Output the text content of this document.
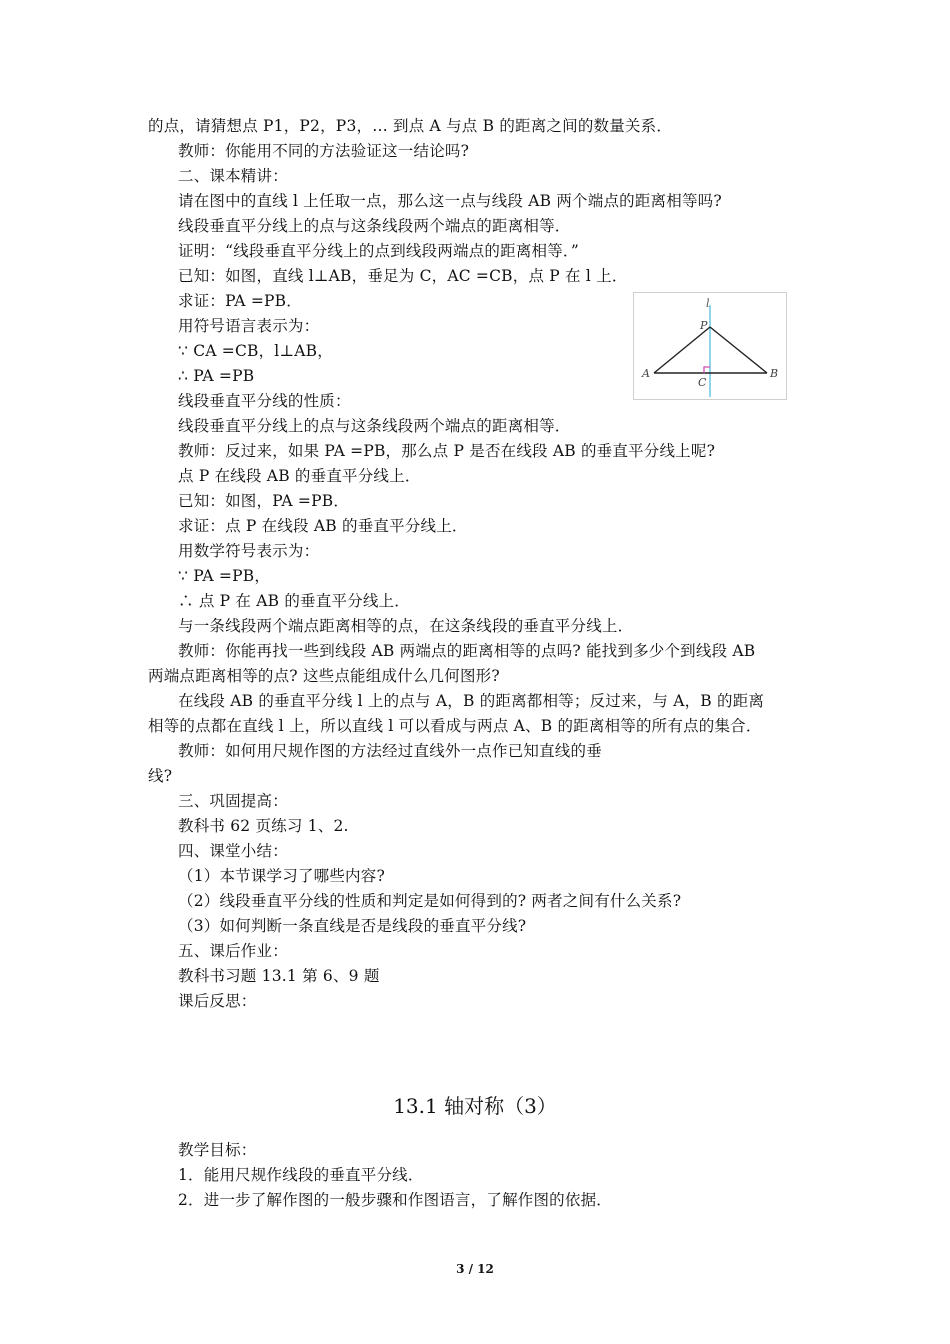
的点，请猜想点 P1，P2，P3，… 到点 A 与点 B 的距离之间的数量关系．
教师：你能用不同的方法验证这一结论吗?
二、课本精讲：
请在图中的直线 l 上任取一点，那么这一点与线段 AB 两个端点的距离相等吗?
线段垂直平分线上的点与这条线段两个端点的距离相等．
证明：“线段垂直平分线上的点到线段两端点的距离相等．”
已知：如图，直线 l⊥AB，垂足为 C，AC =CB，点 P 在 l 上．
求证：PA =PB．
用符号语言表示为：
∵ CA =CB，l⊥AB，
∴ PA =PB
线段垂直平分线的性质：
线段垂直平分线上的点与这条线段两个端点的距离相等．
教师：反过来，如果 PA =PB，那么点 P 是否在线段 AB 的垂直平分线上呢?
点 P 在线段 AB 的垂直平分线上．
已知：如图，PA =PB．
求证：点 P 在线段 AB 的垂直平分线上．
用数学符号表示为：
∵ PA =PB，
∴ 点 P 在 AB 的垂直平分线上．
与一条线段两个端点距离相等的点，在这条线段的垂直平分线上．
教师：你能再找一些到线段 AB 两端点的距离相等的点吗? 能找到多少个到线段 AB
两端点距离相等的点? 这些点能组成什么几何图形?
在线段 AB 的垂直平分线 l 上的点与 A，B 的距离都相等；反过来，与 A，B 的距离
相等的点都在直线 l 上，所以直线 l 可以看成与两点 A、B 的距离相等的所有点的集合．
教师：如何用尺规作图的方法经过直线外一点作已知直线的垂
线?
三、巩固提高：
教科书 62 页练习 1、2.
四、课堂小结：
（1）本节课学习了哪些内容?
（2）线段垂直平分线的性质和判定是如何得到的? 两者之间有什么关系?
（3）如何判断一条直线是否是线段的垂直平分线?
五、课后作业：
教科书习题 13.1 第 6、9 题
课后反思：
l
P
A	B
C
13.1 轴对称（3）
教学目标：
1．能用尺规作线段的垂直平分线．
2．进一步了解作图的一般步骤和作图语言，了解作图的依据．
3 / 12
